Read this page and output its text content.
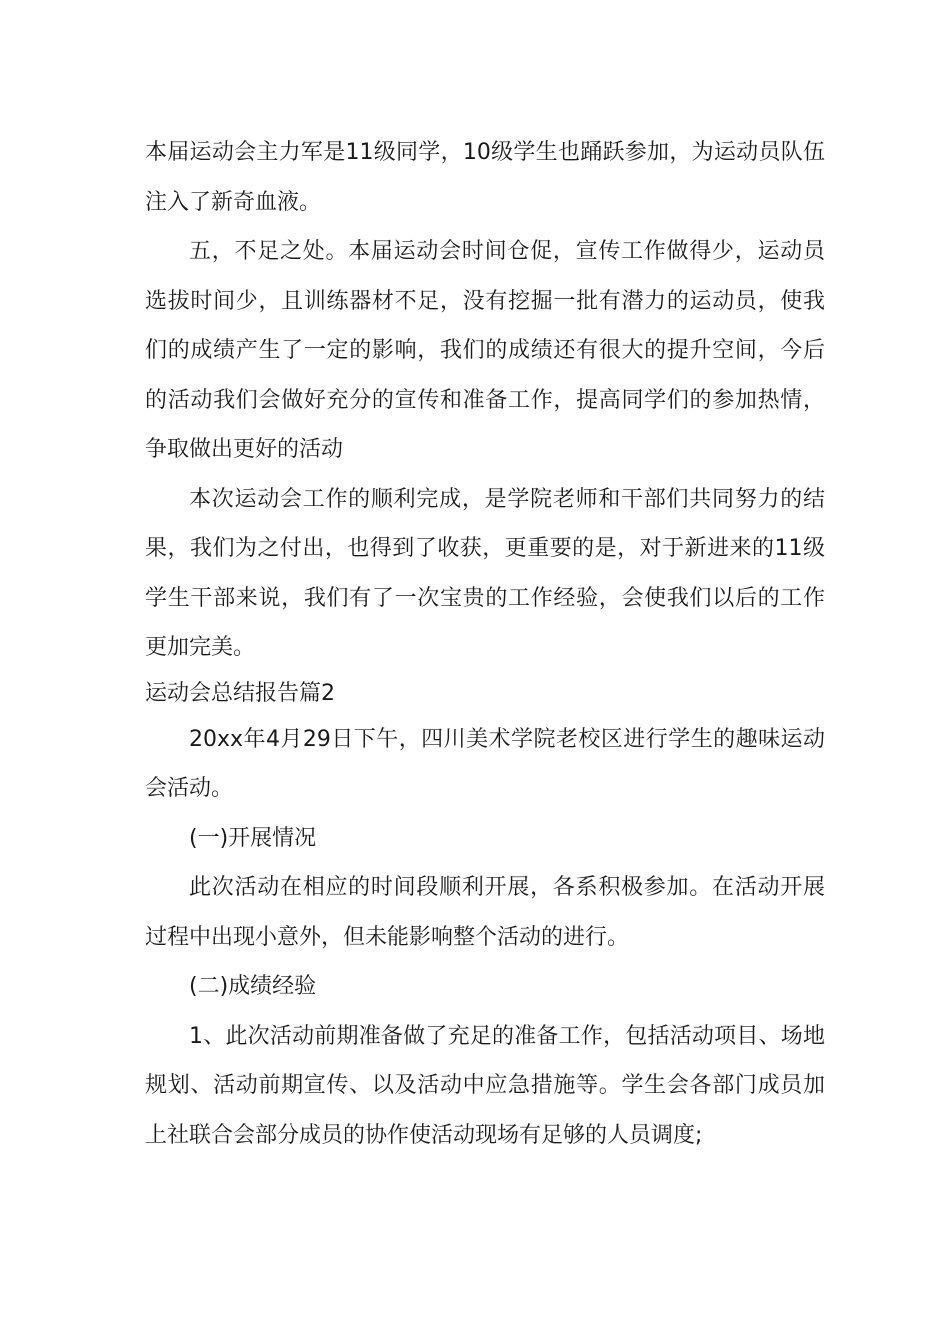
本届运动会主力军是11级同学，10级学生也踊跃参加，为运动员队伍注入了新奇血液。

五，不足之处。本届运动会时间仓促，宣传工作做得少，运动员选拔时间少，且训练器材不足，没有挖掘一批有潜力的运动员，使我们的成绩产生了一定的影响，我们的成绩还有很大的提升空间，今后的活动我们会做好充分的宣传和准备工作，提高同学们的参加热情，争取做出更好的活动

本次运动会工作的顺利完成，是学院老师和干部们共同努力的结果，我们为之付出，也得到了收获，更重要的是，对于新进来的11级学生干部来说，我们有了一次宝贵的工作经验，会使我们以后的工作更加完美。

运动会总结报告篇2

20xx年4月29日下午，四川美术学院老校区进行学生的趣味运动会活动。

(一)开展情况

此次活动在相应的时间段顺利开展，各系积极参加。在活动开展过程中出现小意外，但未能影响整个活动的进行。

(二)成绩经验

1、此次活动前期准备做了充足的准备工作，包括活动项目、场地规划、活动前期宣传、以及活动中应急措施等。学生会各部门成员加上社联合会部分成员的协作使活动现场有足够的人员调度;
